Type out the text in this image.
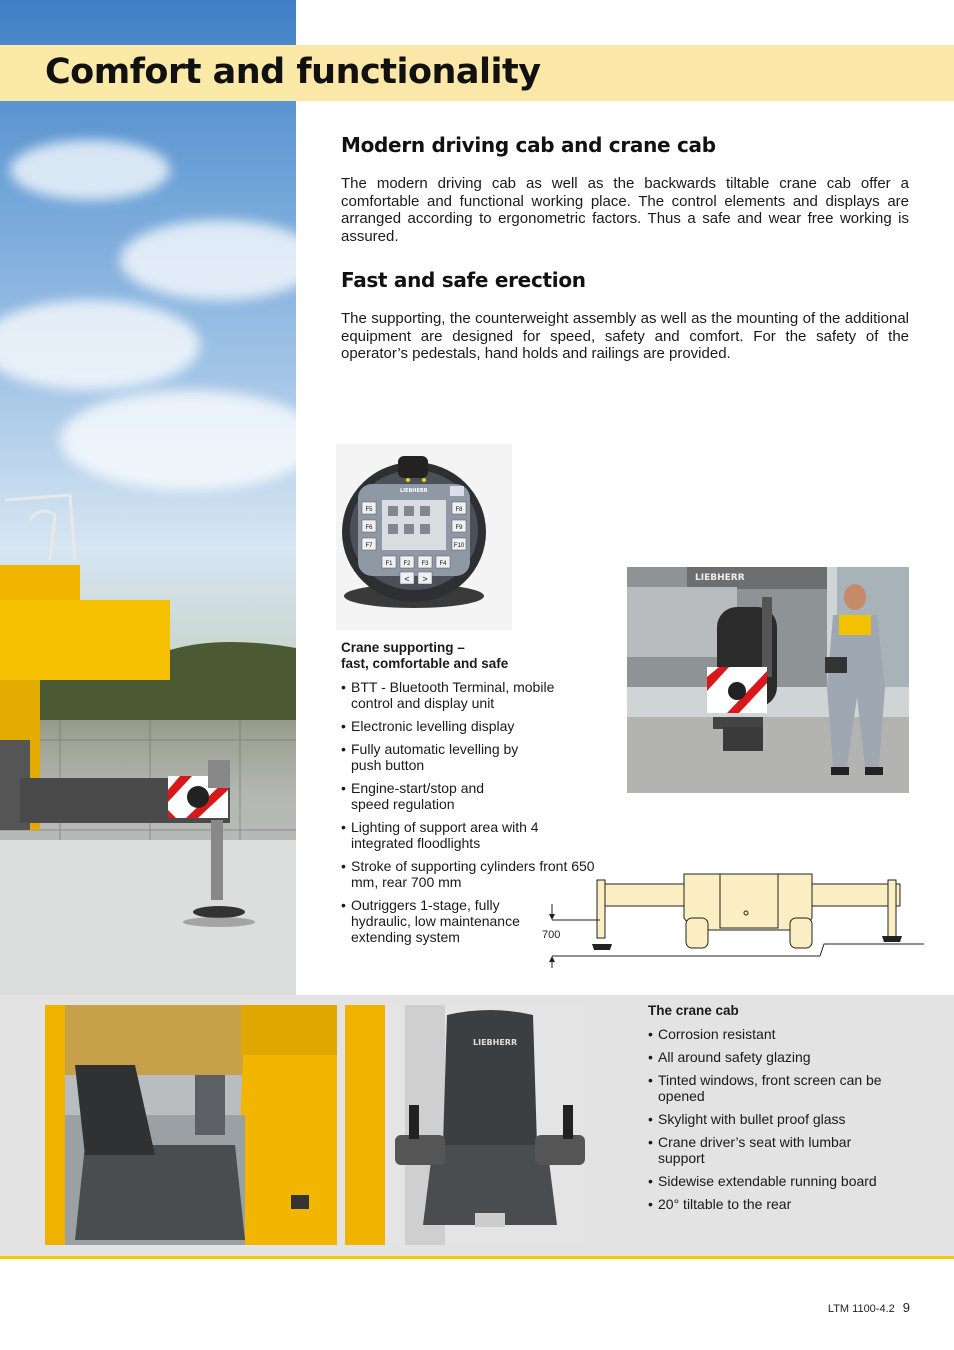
Comfort and functionality
Modern driving cab and crane cab

The modern driving cab as well as the backwards tiltable crane cab offer a comfortable and functional working place. The control elements and displays are arranged according to ergonometric factors. Thus a safe and wear free working is assured.

Fast and safe erection

The supporting, the counterweight assembly as well as the mounting of the additional equipment are designed for speed, safety and comfort. For the safety of the operator’s pedestals, hand holds and railings are provided.

LIEBHERR
F5
F6
F7
F8
F9
F10
F1 F2 F3 F4
< >
Crane supporting –
fast, comfortable and safe
• BTT - Bluetooth Terminal, mobile control and display unit
• Electronic levelling display
• Fully automatic levelling by push button
• Engine-start/stop and speed regulation
• Lighting of support area with 4 integrated floodlights
• Stroke of supporting cylinders front 650 mm, rear 700 mm
• Outriggers 1-stage, fully hydraulic, low maintenance extending system
LIEBHERR
700
LIEBHERR
The crane cab
• Corrosion resistant
• All around safety glazing
• Tinted windows, front screen can be opened
• Skylight with bullet proof glass
• Crane driver’s seat with lumbar support
• Sidewise extendable running board
• 20° tiltable to the rear
LTM 1100-4.2 9
